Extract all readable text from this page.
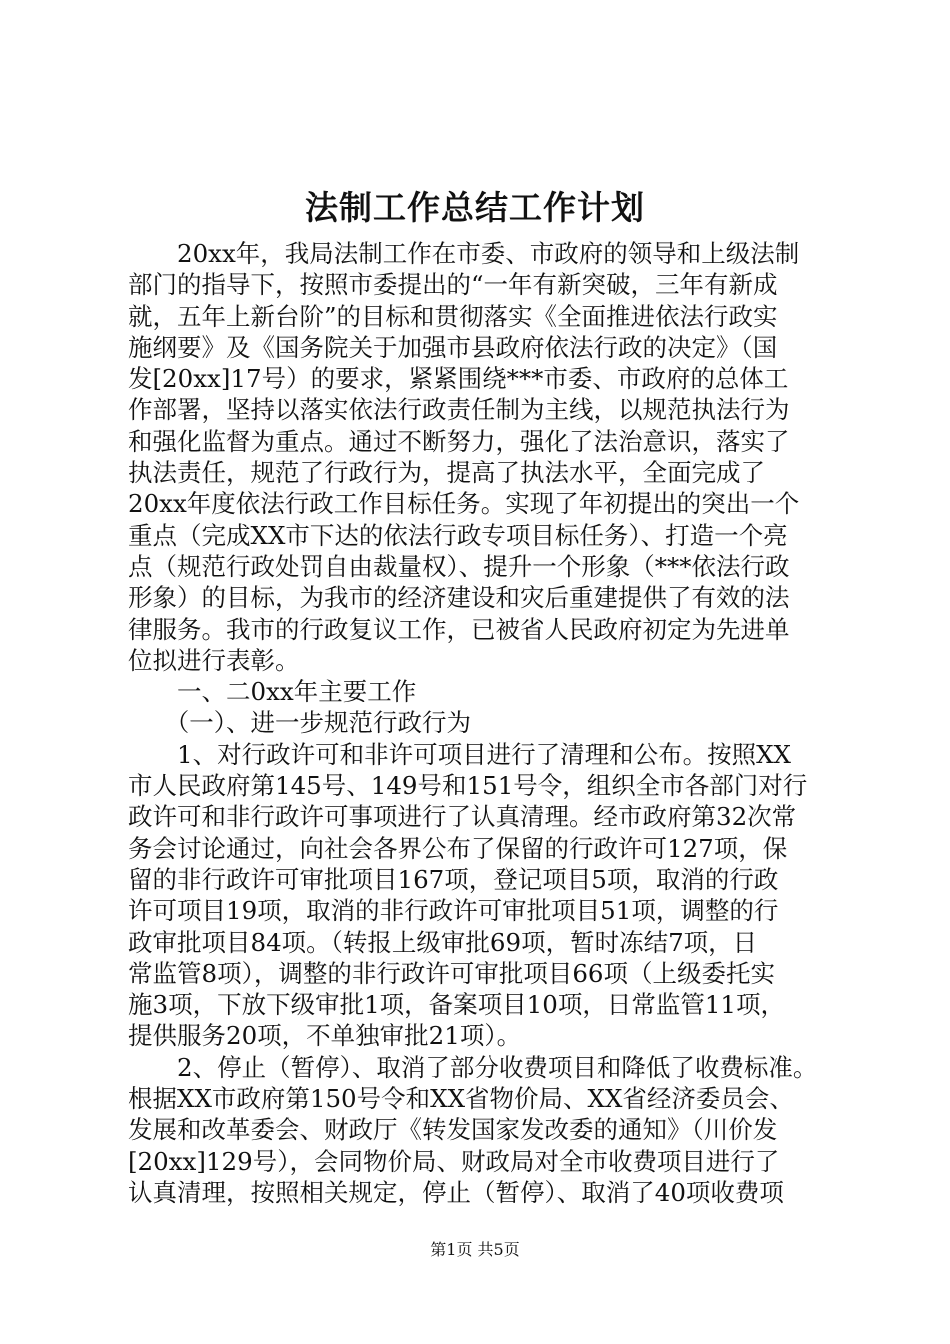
法制工作总结工作计划
　　20xx年，我局法制工作在市委、市政府的领导和上级法制
部门的指导下，按照市委提出的“一年有新突破，三年有新成
就，五年上新台阶”的目标和贯彻落实《全面推进依法行政实
施纲要》及《国务院关于加强市县政府依法行政的决定》（国
发[20xx]17号）的要求，紧紧围绕***市委、市政府的总体工
作部署，坚持以落实依法行政责任制为主线，以规范执法行为
和强化监督为重点。通过不断努力，强化了法治意识，落实了
执法责任，规范了行政行为，提高了执法水平，全面完成了
20xx年度依法行政工作目标任务。实现了年初提出的突出一个
重点（完成XX市下达的依法行政专项目标任务）、打造一个亮
点（规范行政处罚自由裁量权）、提升一个形象（***依法行政
形象）的目标，为我市的经济建设和灾后重建提供了有效的法
律服务。我市的行政复议工作，已被省人民政府初定为先进单
位拟进行表彰。
　　一、二0xx年主要工作
　　（一）、进一步规范行政行为
　　1、对行政许可和非许可项目进行了清理和公布。按照XX
市人民政府第145号、149号和151号令，组织全市各部门对行
政许可和非行政许可事项进行了认真清理。经市政府第32次常
务会讨论通过，向社会各界公布了保留的行政许可127项，保
留的非行政许可审批项目167项，登记项目5项，取消的行政
许可项目19项，取消的非行政许可审批项目51项，调整的行
政审批项目84项。（转报上级审批69项，暂时冻结7项，日
常监管8项），调整的非行政许可审批项目66项（上级委托实
施3项，下放下级审批1项，备案项目10项，日常监管11项，
提供服务20项，不单独审批21项）。
　　2、停止（暂停）、取消了部分收费项目和降低了收费标准。
根据XX市政府第150号令和XX省物价局、XX省经济委员会、
发展和改革委会、财政厅《转发国家发改委的通知》（川价发
[20xx]129号），会同物价局、财政局对全市收费项目进行了
认真清理，按照相关规定，停止（暂停）、取消了40项收费项
第1页 共5页
